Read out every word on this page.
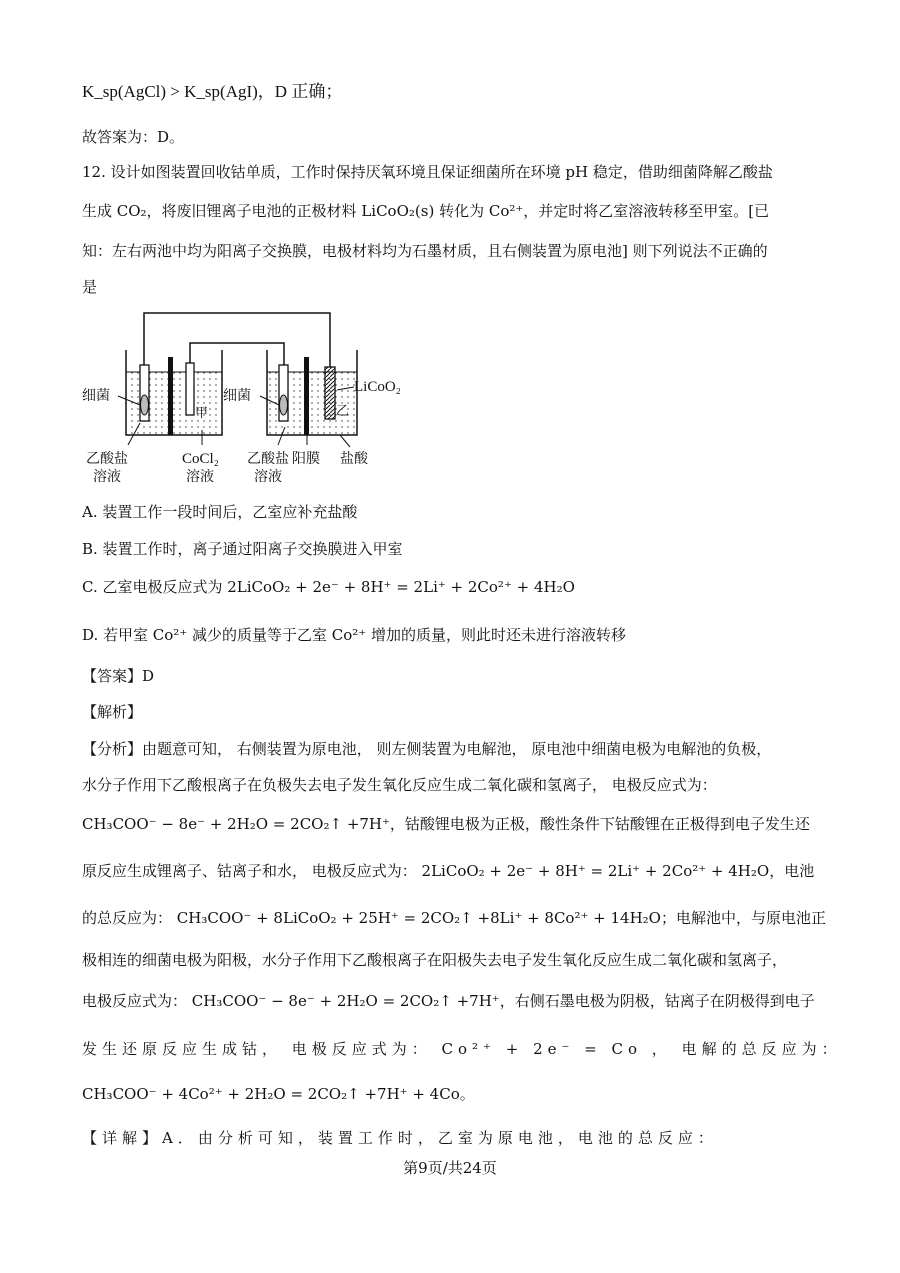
K_sp(AgCl) > K_sp(AgI)，D 正确；
故答案为：D。
12. 设计如图装置回收钴单质，工作时保持厌氧环境且保证细菌所在环境 pH 稳定，借助细菌降解乙酸盐
生成 CO₂，将废旧锂离子电池的正极材料 LiCoO₂(s) 转化为 Co²⁺，并定时将乙室溶液转移至甲室。[已
知：左右两池中均为阳离子交换膜，电极材料均为石墨材质，且右侧装置为原电池] 则下列说法不正确的
是
细菌
甲
细菌
LiCoO₂
乙
乙酸盐
溶液
CoCl₂
溶液
乙酸盐
溶液
阳膜 盐酸
A. 装置工作一段时间后，乙室应补充盐酸
B. 装置工作时，离子通过阳离子交换膜进入甲室
C. 乙室电极反应式为 2LiCoO₂ + 2e⁻ + 8H⁺ = 2Li⁺ + 2Co²⁺ + 4H₂O
D. 若甲室 Co²⁺ 减少的质量等于乙室 Co²⁺ 增加的质量，则此时还未进行溶液转移
【答案】D
【解析】
【分析】由题意可知， 右侧装置为原电池， 则左侧装置为电解池， 原电池中细菌电极为电解池的负极，
水分子作用下乙酸根离子在负极失去电子发生氧化反应生成二氧化碳和氢离子， 电极反应式为：
CH₃COO⁻ − 8e⁻ + 2H₂O = 2CO₂↑ +7H⁺，钴酸锂电极为正极，酸性条件下钴酸锂在正极得到电子发生还
原反应生成锂离子、钴离子和水， 电极反应式为： 2LiCoO₂ + 2e⁻ + 8H⁺ = 2Li⁺ + 2Co²⁺ + 4H₂O，电池
的总反应为： CH₃COO⁻ + 8LiCoO₂ + 25H⁺ = 2CO₂↑ +8Li⁺ + 8Co²⁺ + 14H₂O；电解池中，与原电池正
极相连的细菌电极为阳极，水分子作用下乙酸根离子在阳极失去电子发生氧化反应生成二氧化碳和氢离子，
电极反应式为： CH₃COO⁻ − 8e⁻ + 2H₂O = 2CO₂↑ +7H⁺，右侧石墨电极为阴极，钴离子在阴极得到电子
发生还原反应生成钴， 电极反应式为： Co²⁺ + 2e⁻ = Co ， 电解的总反应为：
CH₃COO⁻ + 4Co²⁺ + 2H₂O = 2CO₂↑ +7H⁺ + 4Co。
【详解】A．由分析可知，装置工作时，乙室为原电池，电池的总反应：
第9页/共24页
